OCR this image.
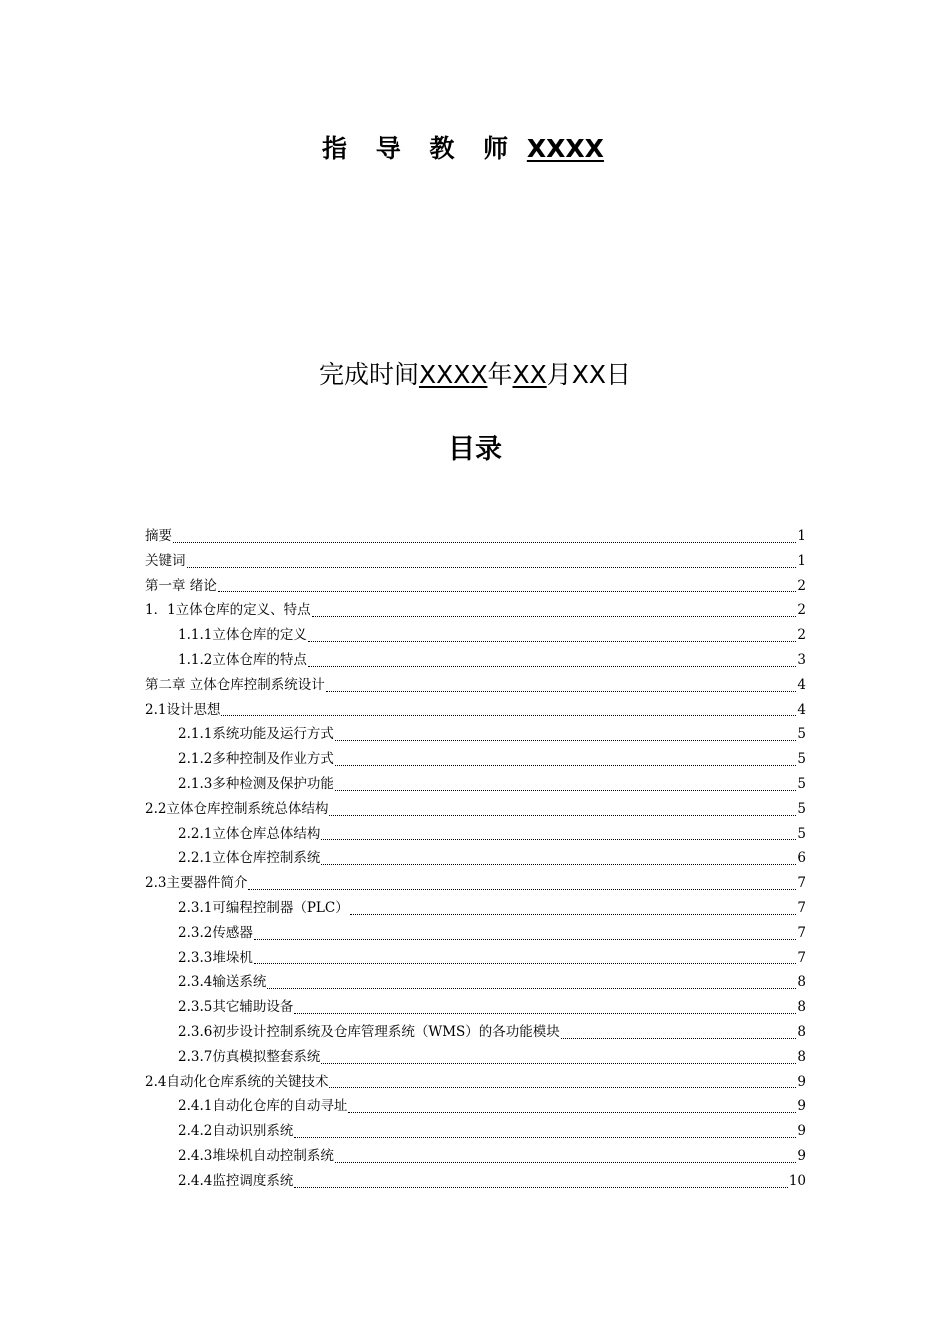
指 导 教 师 XXXX
完成时间XXXX年XX月XX日
目录
摘要	1
关键词	1
第一章 绪论	2
1．1立体仓库的定义、特点	2
1.1.1立体仓库的定义	2
1.1.2立体仓库的特点	3
第二章 立体仓库控制系统设计	4
2.1设计思想	4
2.1.1系统功能及运行方式	5
2.1.2多种控制及作业方式	5
2.1.3多种检测及保护功能	5
2.2立体仓库控制系统总体结构	5
2.2.1立体仓库总体结构	5
2.2.1立体仓库控制系统	6
2.3主要器件简介	7
2.3.1可编程控制器（PLC）	7
2.3.2传感器	7
2.3.3堆垛机	7
2.3.4输送系统	8
2.3.5其它辅助设备	8
2.3.6初步设计控制系统及仓库管理系统（WMS）的各功能模块	8
2.3.7仿真模拟整套系统	8
2.4自动化仓库系统的关键技术	9
2.4.1自动化仓库的自动寻址	9
2.4.2自动识别系统	9
2.4.3堆垛机自动控制系统	9
2.4.4监控调度系统	10
